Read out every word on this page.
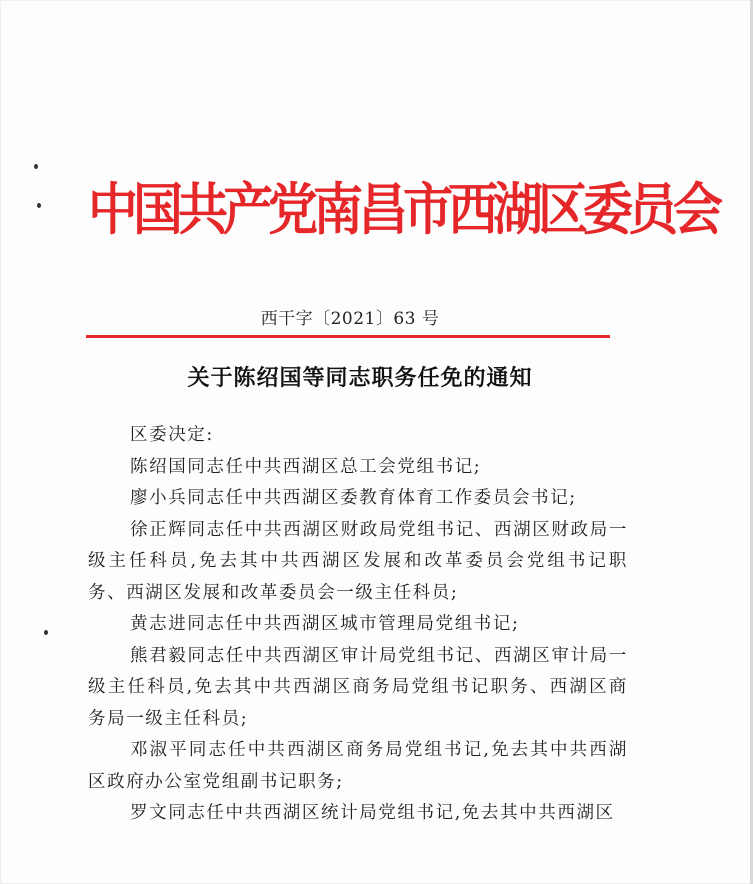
中国共产党南昌市西湖区委员会
西干字〔2021〕63 号
关于陈绍国等同志职务任免的通知

区委决定:

陈绍国同志任中共西湖区总工会党组书记;

廖小兵同志任中共西湖区委教育体育工作委员会书记;

徐正辉同志任中共西湖区财政局党组书记、西湖区财政局一级主任科员,免去其中共西湖区发展和改革委员会党组书记职务、西湖区发展和改革委员会一级主任科员;

黄志进同志任中共西湖区城市管理局党组书记;

熊君毅同志任中共西湖区审计局党组书记、西湖区审计局一级主任科员,免去其中共西湖区商务局党组书记职务、西湖区商务局一级主任科员;

邓淑平同志任中共西湖区商务局党组书记,免去其中共西湖区政府办公室党组副书记职务;

罗文同志任中共西湖区统计局党组书记,免去其中共西湖区
